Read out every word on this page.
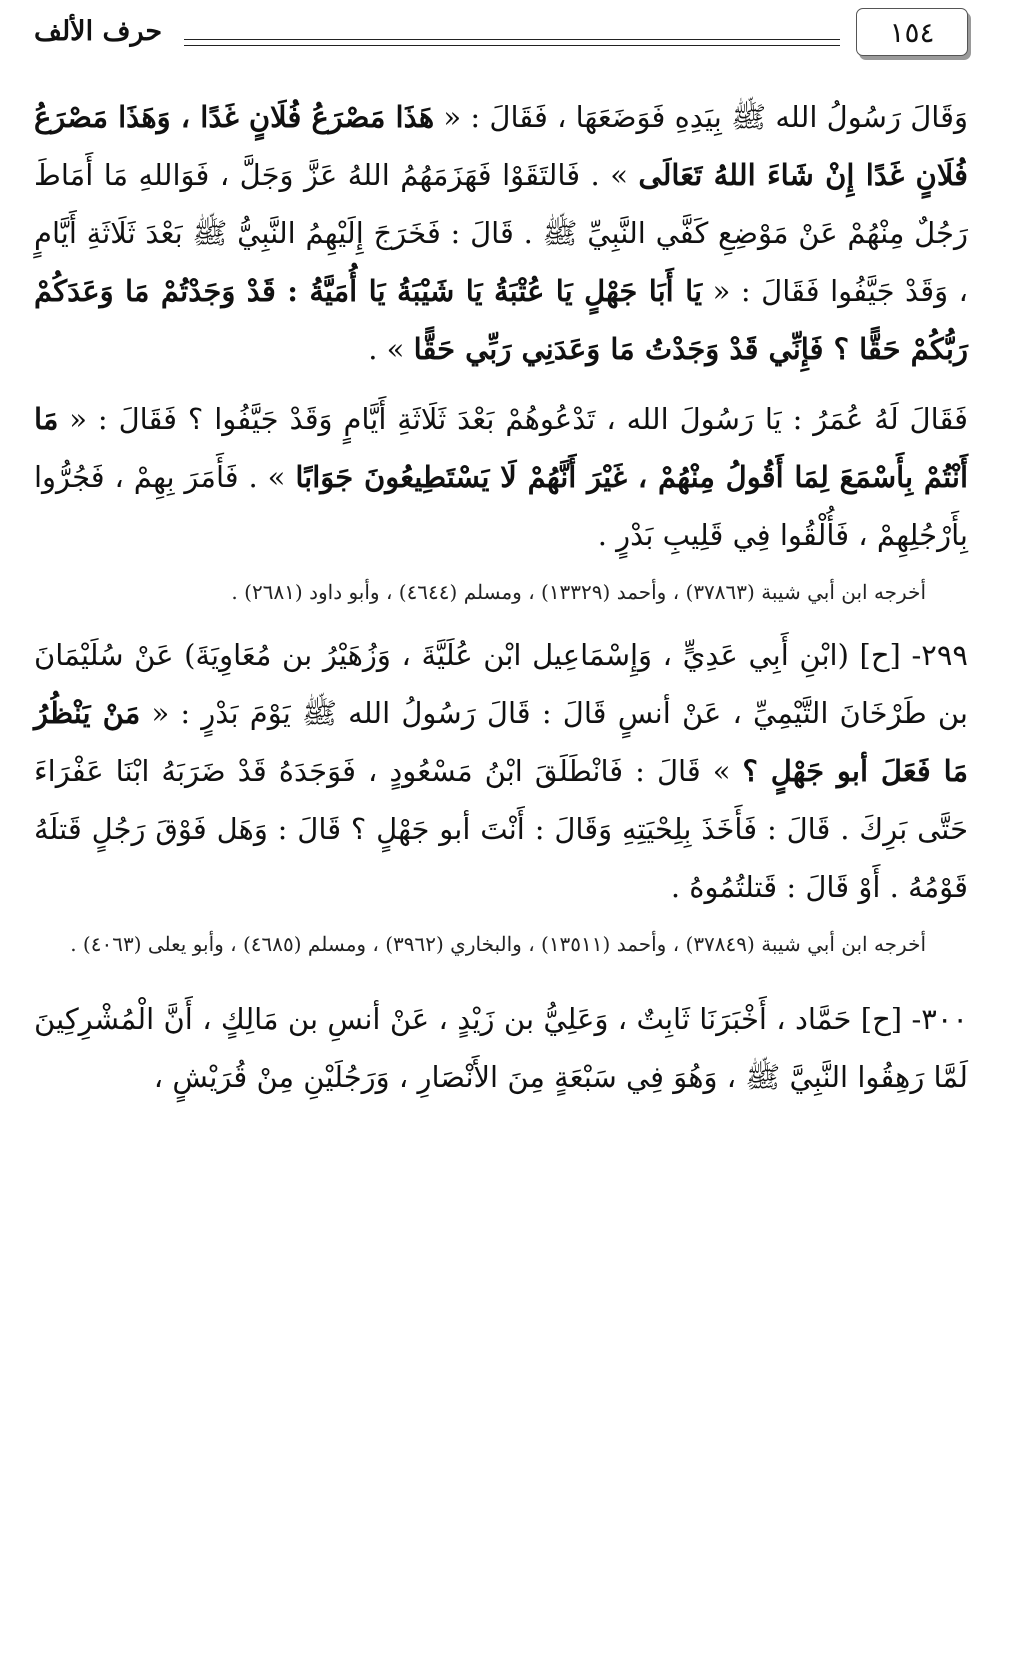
١٥٤
حرف الألف

وَقَالَ رَسُولُ الله ﷺ بِيَدِهِ فَوَضَعَهَا ، فَقَالَ : « هَذَا مَصْرَعُ فُلَانٍ غَدًا ، وَهَذَا مَصْرَعُ فُلَانٍ غَدًا إِنْ شَاءَ اللهُ تَعَالَى » . فَالتَقَوْا فَهَزَمَهُمُ اللهُ عَزَّ وَجَلَّ ، فَوَاللهِ مَا أَمَاطَ رَجُلٌ مِنْهُمْ عَنْ مَوْضِعِ كَفَّي النَّبِيِّ ﷺ . قَالَ : فَخَرَجَ إِلَيْهِمُ النَّبِيُّ ﷺ بَعْدَ ثَلَاثَةِ أَيَّامٍ ، وَقَدْ جَيَّفُوا فَقَالَ : « يَا أَبَا جَهْلٍ يَا عُتْبَةُ يَا شَيْبَةُ يَا أُمَيَّةُ : قَدْ وَجَدْتُمْ مَا وَعَدَكُمْ رَبُّكُمْ حَقًّا ؟ فَإِنِّي قَدْ وَجَدْتُ مَا وَعَدَنِي رَبِّي حَقًّا » .

فَقَالَ لَهُ عُمَرُ : يَا رَسُولَ الله ، تَدْعُوهُمْ بَعْدَ ثَلَاثَةِ أَيَّامٍ وَقَدْ جَيَّفُوا ؟ فَقَالَ : « مَا أَنْتُمْ بِأَسْمَعَ لِمَا أَقُولُ مِنْهُمْ ، غَيْرَ أَنَّهُمْ لَا يَسْتَطِيعُونَ جَوَابًا » . فَأَمَرَ بِهِمْ ، فَجُرُّوا بِأَرْجُلِهِمْ ، فَأُلْقُوا فِي قَلِيبِ بَدْرٍ .

أخرجه ابن أبي شيبة (٣٧٨٦٣) ، وأحمد (١٣٣٢٩) ، ومسلم (٤٦٤٤) ، وأبو داود (٢٦٨١) .

٢٩٩- [ح] (ابْنِ أَبِي عَدِيٍّ ، وَإِسْمَاعِيل ابْن عُلَيَّةَ ، وَزُهَيْرُ بن مُعَاوِيَةَ) عَنْ سُلَيْمَانَ بن طَرْخَانَ التَّيْمِيِّ ، عَنْ أنسٍ قَالَ : قَالَ رَسُولُ الله ﷺ يَوْمَ بَدْرٍ : « مَنْ يَنْظُرُ مَا فَعَلَ أبو جَهْلٍ ؟ » قَالَ : فَانْطَلَقَ ابْنُ مَسْعُودٍ ، فَوَجَدَهُ قَدْ ضَرَبَهُ ابْنَا عَفْرَاءَ حَتَّى بَرِكَ . قَالَ : فَأَخَذَ بِلِحْيَتِهِ وَقَالَ : أَنْتَ أبو جَهْلٍ ؟ قَالَ : وَهَل فَوْقَ رَجُلٍ قَتلَهُ قَوْمُهُ . أَوْ قَالَ : قَتلتُمُوهُ .

أخرجه ابن أبي شيبة (٣٧٨٤٩) ، وأحمد (١٣٥١١) ، والبخاري (٣٩٦٢) ، ومسلم (٤٦٨٥) ، وأبو يعلى (٤٠٦٣) .

٣٠٠- [ح] حَمَّاد ، أَخْبَرَنَا ثَابِتٌ ، وَعَلِيُّ بن زَيْدٍ ، عَنْ أنسِ بن مَالِكٍ ، أَنَّ الْمُشْرِكِينَ لَمَّا رَهِقُوا النَّبِيَّ ﷺ ، وَهُوَ فِي سَبْعَةٍ مِنَ الأَنْصَارِ ، وَرَجُلَيْنِ مِنْ قُرَيْشٍ ،
